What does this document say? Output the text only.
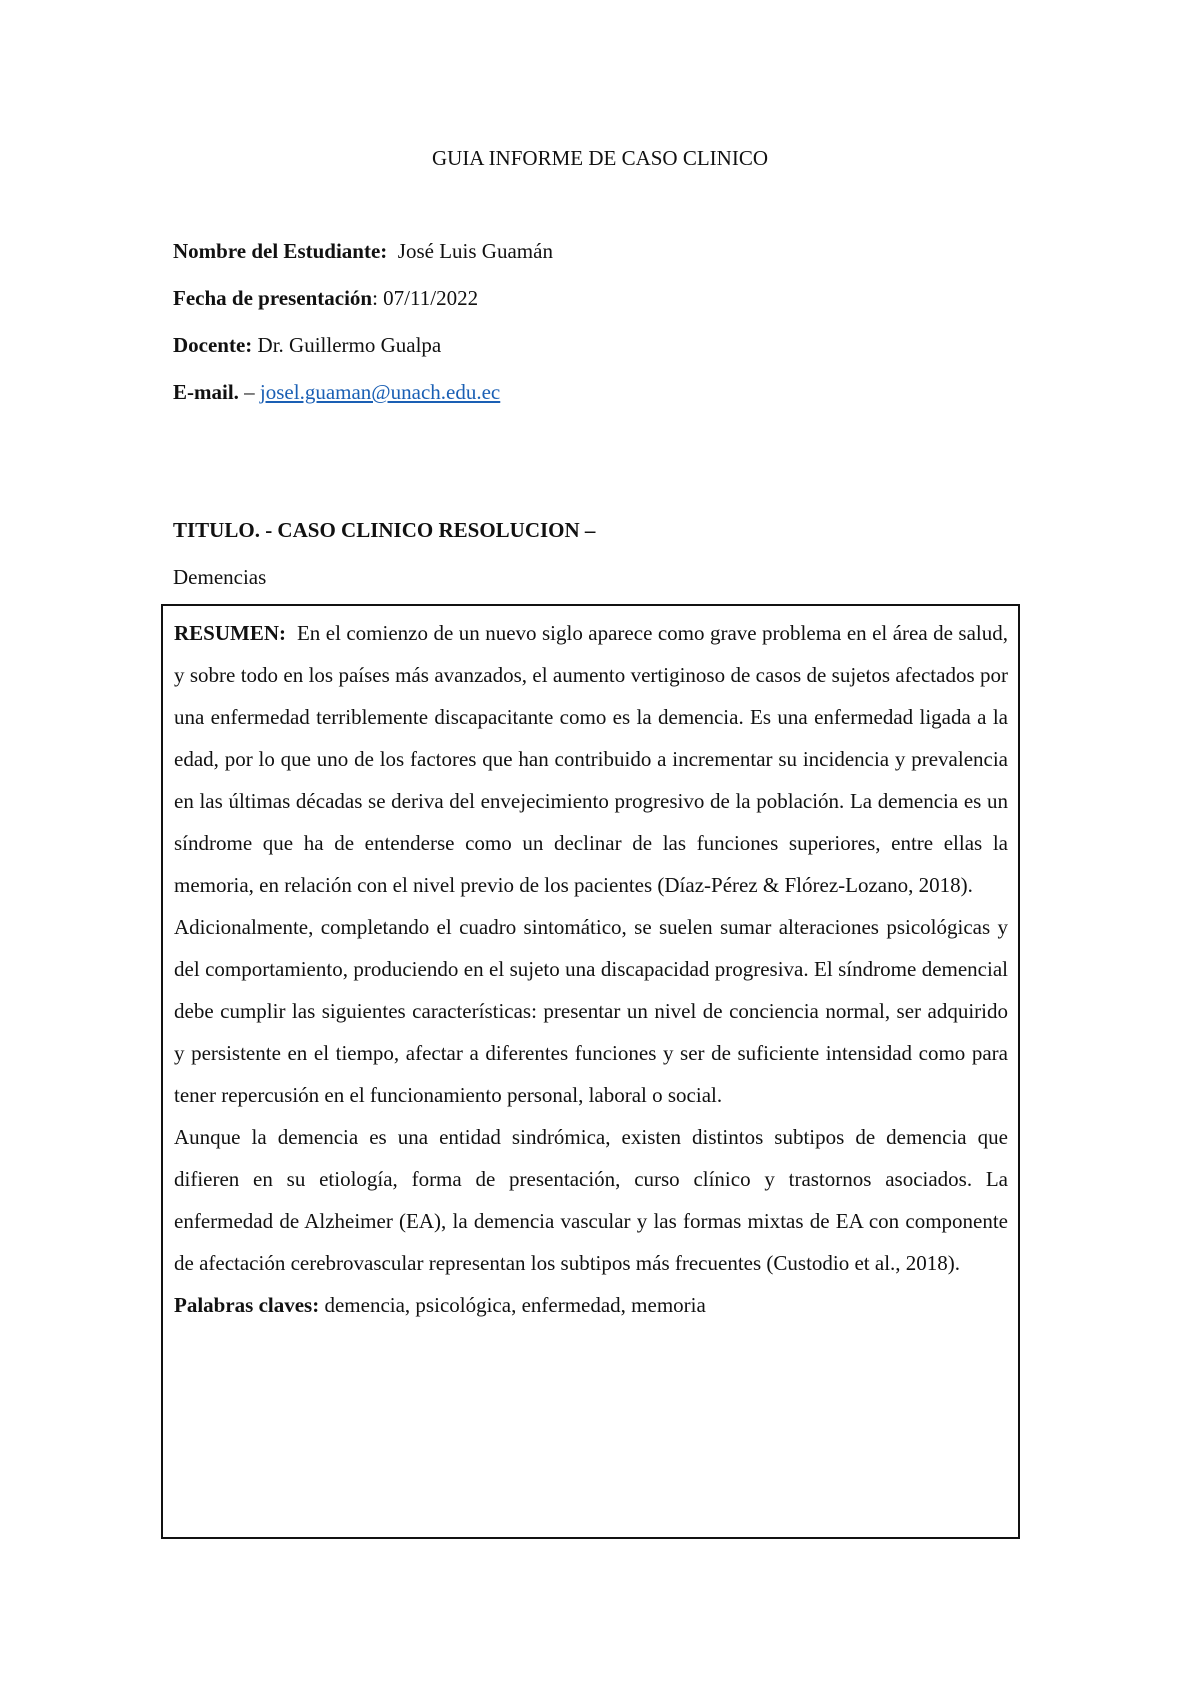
GUIA INFORME DE CASO CLINICO
Nombre del Estudiante: José Luis Guamán
Fecha de presentación: 07/11/2022
Docente: Dr. Guillermo Gualpa
E-mail. – josel.guaman@unach.edu.ec
TITULO. - CASO CLINICO RESOLUCION –
Demencias

RESUMEN: En el comienzo de un nuevo siglo aparece como grave problema en el área de salud, y sobre todo en los países más avanzados, el aumento vertiginoso de casos de sujetos afectados por una enfermedad terriblemente discapacitante como es la demencia. Es una enfermedad ligada a la edad, por lo que uno de los factores que han contribuido a incrementar su incidencia y prevalencia en las últimas décadas se deriva del envejecimiento progresivo de la población. La demencia es un síndrome que ha de entenderse como un declinar de las funciones superiores, entre ellas la memoria, en relación con el nivel previo de los pacientes (Díaz-Pérez & Flórez-Lozano, 2018).

Adicionalmente, completando el cuadro sintomático, se suelen sumar alteraciones psicológicas y del comportamiento, produciendo en el sujeto una discapacidad progresiva. El síndrome demencial debe cumplir las siguientes características: presentar un nivel de conciencia normal, ser adquirido y persistente en el tiempo, afectar a diferentes funciones y ser de suficiente intensidad como para tener repercusión en el funcionamiento personal, laboral o social.

Aunque la demencia es una entidad sindrómica, existen distintos subtipos de demencia que difieren en su etiología, forma de presentación, curso clínico y trastornos asociados. La enfermedad de Alzheimer (EA), la demencia vascular y las formas mixtas de EA con componente de afectación cerebrovascular representan los subtipos más frecuentes (Custodio et al., 2018).

Palabras claves: demencia, psicológica, enfermedad, memoria
